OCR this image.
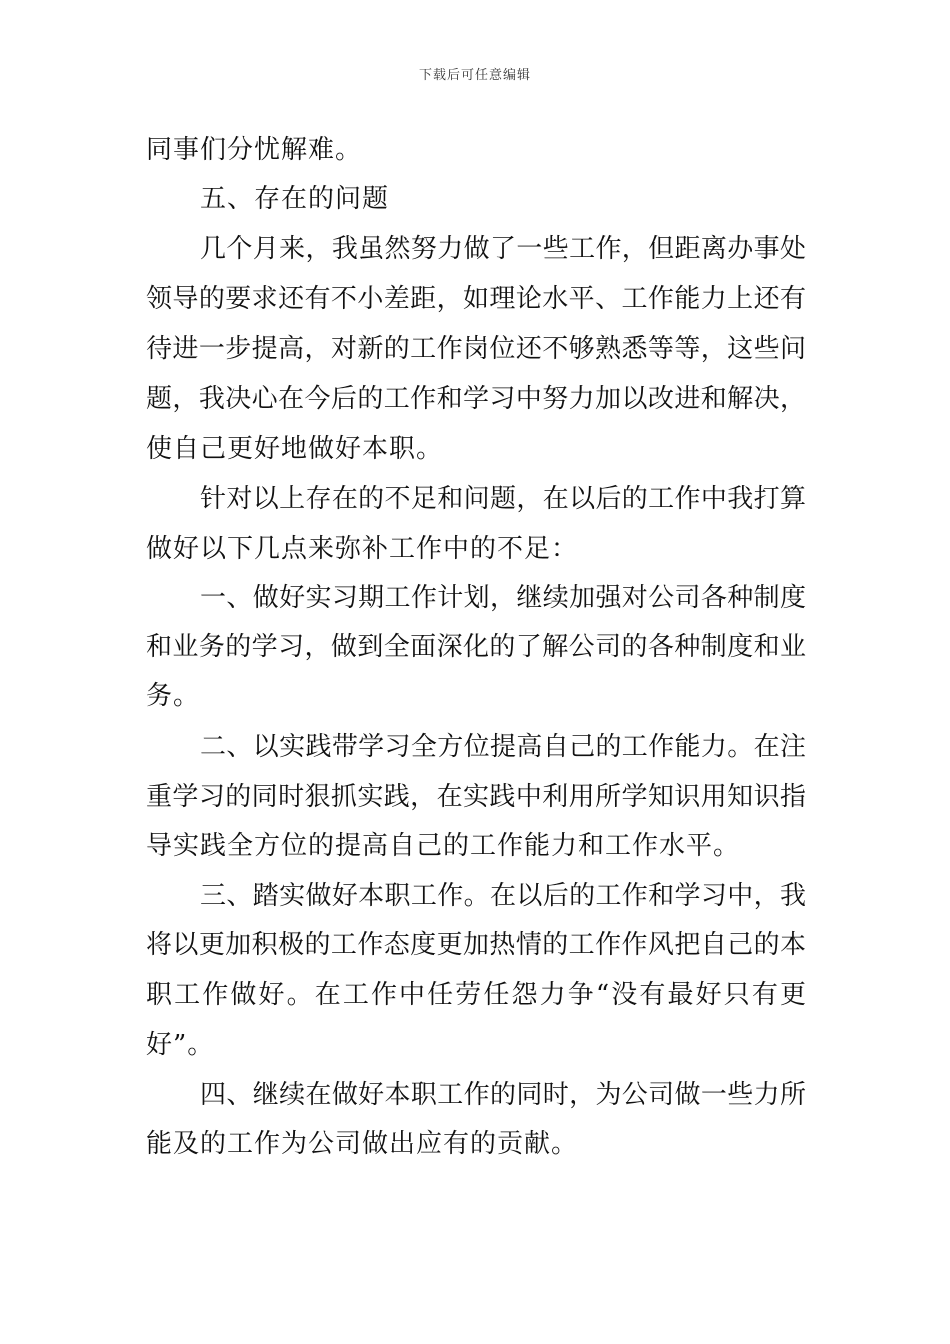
下载后可任意编辑
同事们分忧解难。
五、存在的问题
几个月来，我虽然努力做了一些工作，但距离办事处
领导的要求还有不小差距，如理论水平、工作能力上还有
待进一步提高，对新的工作岗位还不够熟悉等等，这些问
题，我决心在今后的工作和学习中努力加以改进和解决，
使自己更好地做好本职。
针对以上存在的不足和问题，在以后的工作中我打算
做好以下几点来弥补工作中的不足：
一、做好实习期工作计划，继续加强对公司各种制度
和业务的学习，做到全面深化的了解公司的各种制度和业
务。
二、以实践带学习全方位提高自己的工作能力。在注
重学习的同时狠抓实践，在实践中利用所学知识用知识指
导实践全方位的提高自己的工作能力和工作水平。
三、踏实做好本职工作。在以后的工作和学习中，我
将以更加积极的工作态度更加热情的工作作风把自己的本
职工作做好。在工作中任劳任怨力争“没有最好只有更
好”。
四、继续在做好本职工作的同时，为公司做一些力所
能及的工作为公司做出应有的贡献。
